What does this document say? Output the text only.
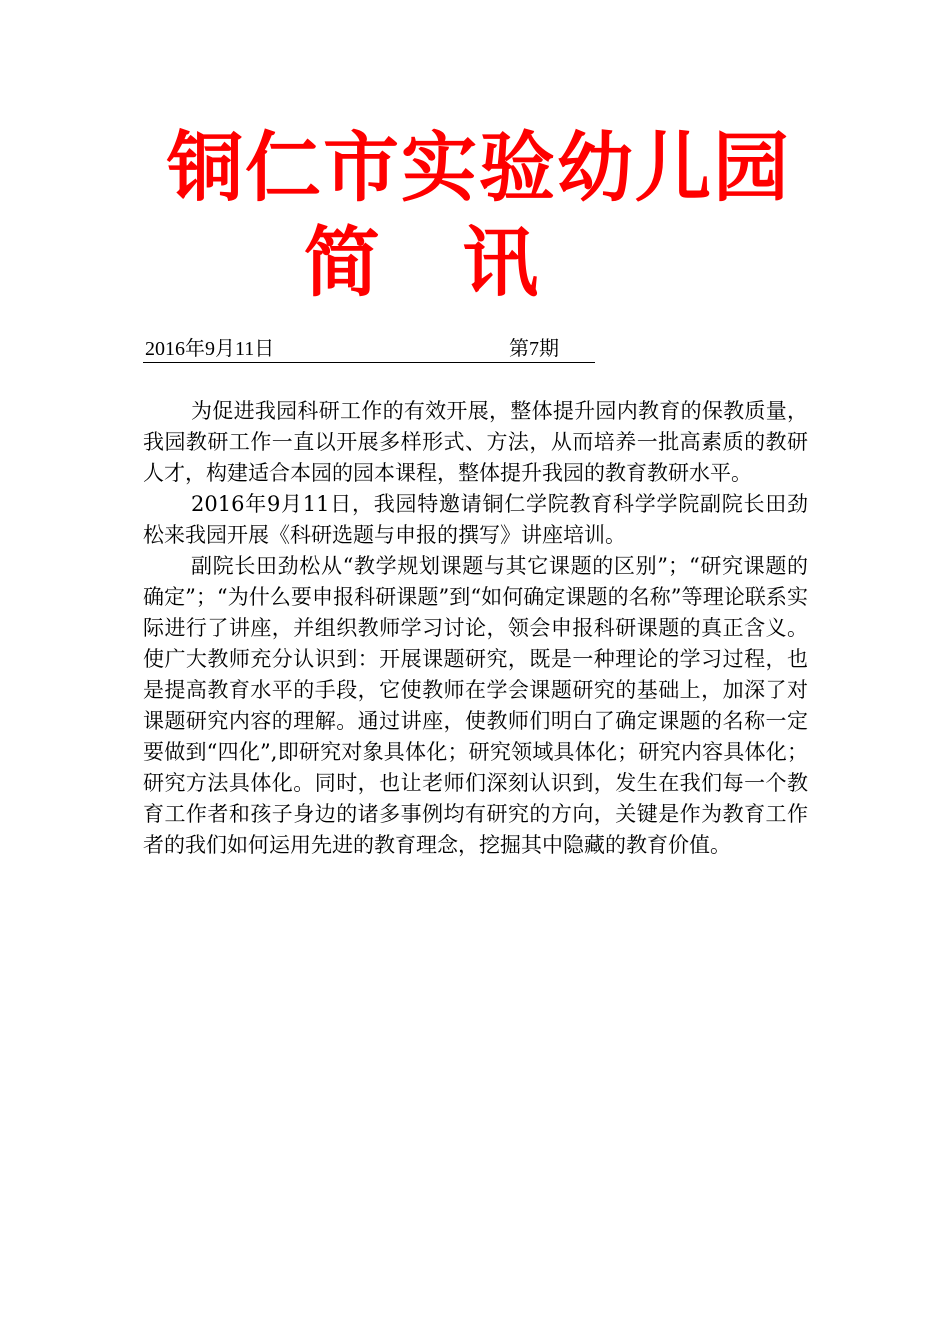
铜仁市实验幼儿园
简 讯
2016年9月11日	第7期

为促进我园科研工作的有效开展，整体提升园内教育的保教质量，我园教研工作一直以开展多样形式、方法，从而培养一批高素质的教研人才，构建适合本园的园本课程，整体提升我园的教育教研水平。

2016年9月11日，我园特邀请铜仁学院教育科学学院副院长田劲松来我园开展《科研选题与申报的撰写》讲座培训。

副院长田劲松从“教学规划课题与其它课题的区别”；“研究课题的确定”；“为什么要申报科研课题”到“如何确定课题的名称”等理论联系实际进行了讲座，并组织教师学习讨论，领会申报科研课题的真正含义。使广大教师充分认识到：开展课题研究，既是一种理论的学习过程，也是提高教育水平的手段，它使教师在学会课题研究的基础上，加深了对课题研究内容的理解。通过讲座，使教师们明白了确定课题的名称一定要做到“四化”,即研究对象具体化；研究领域具体化；研究内容具体化；研究方法具体化。同时，也让老师们深刻认识到，发生在我们每一个教育工作者和孩子身边的诸多事例均有研究的方向，关键是作为教育工作者的我们如何运用先进的教育理念，挖掘其中隐藏的教育价值。
